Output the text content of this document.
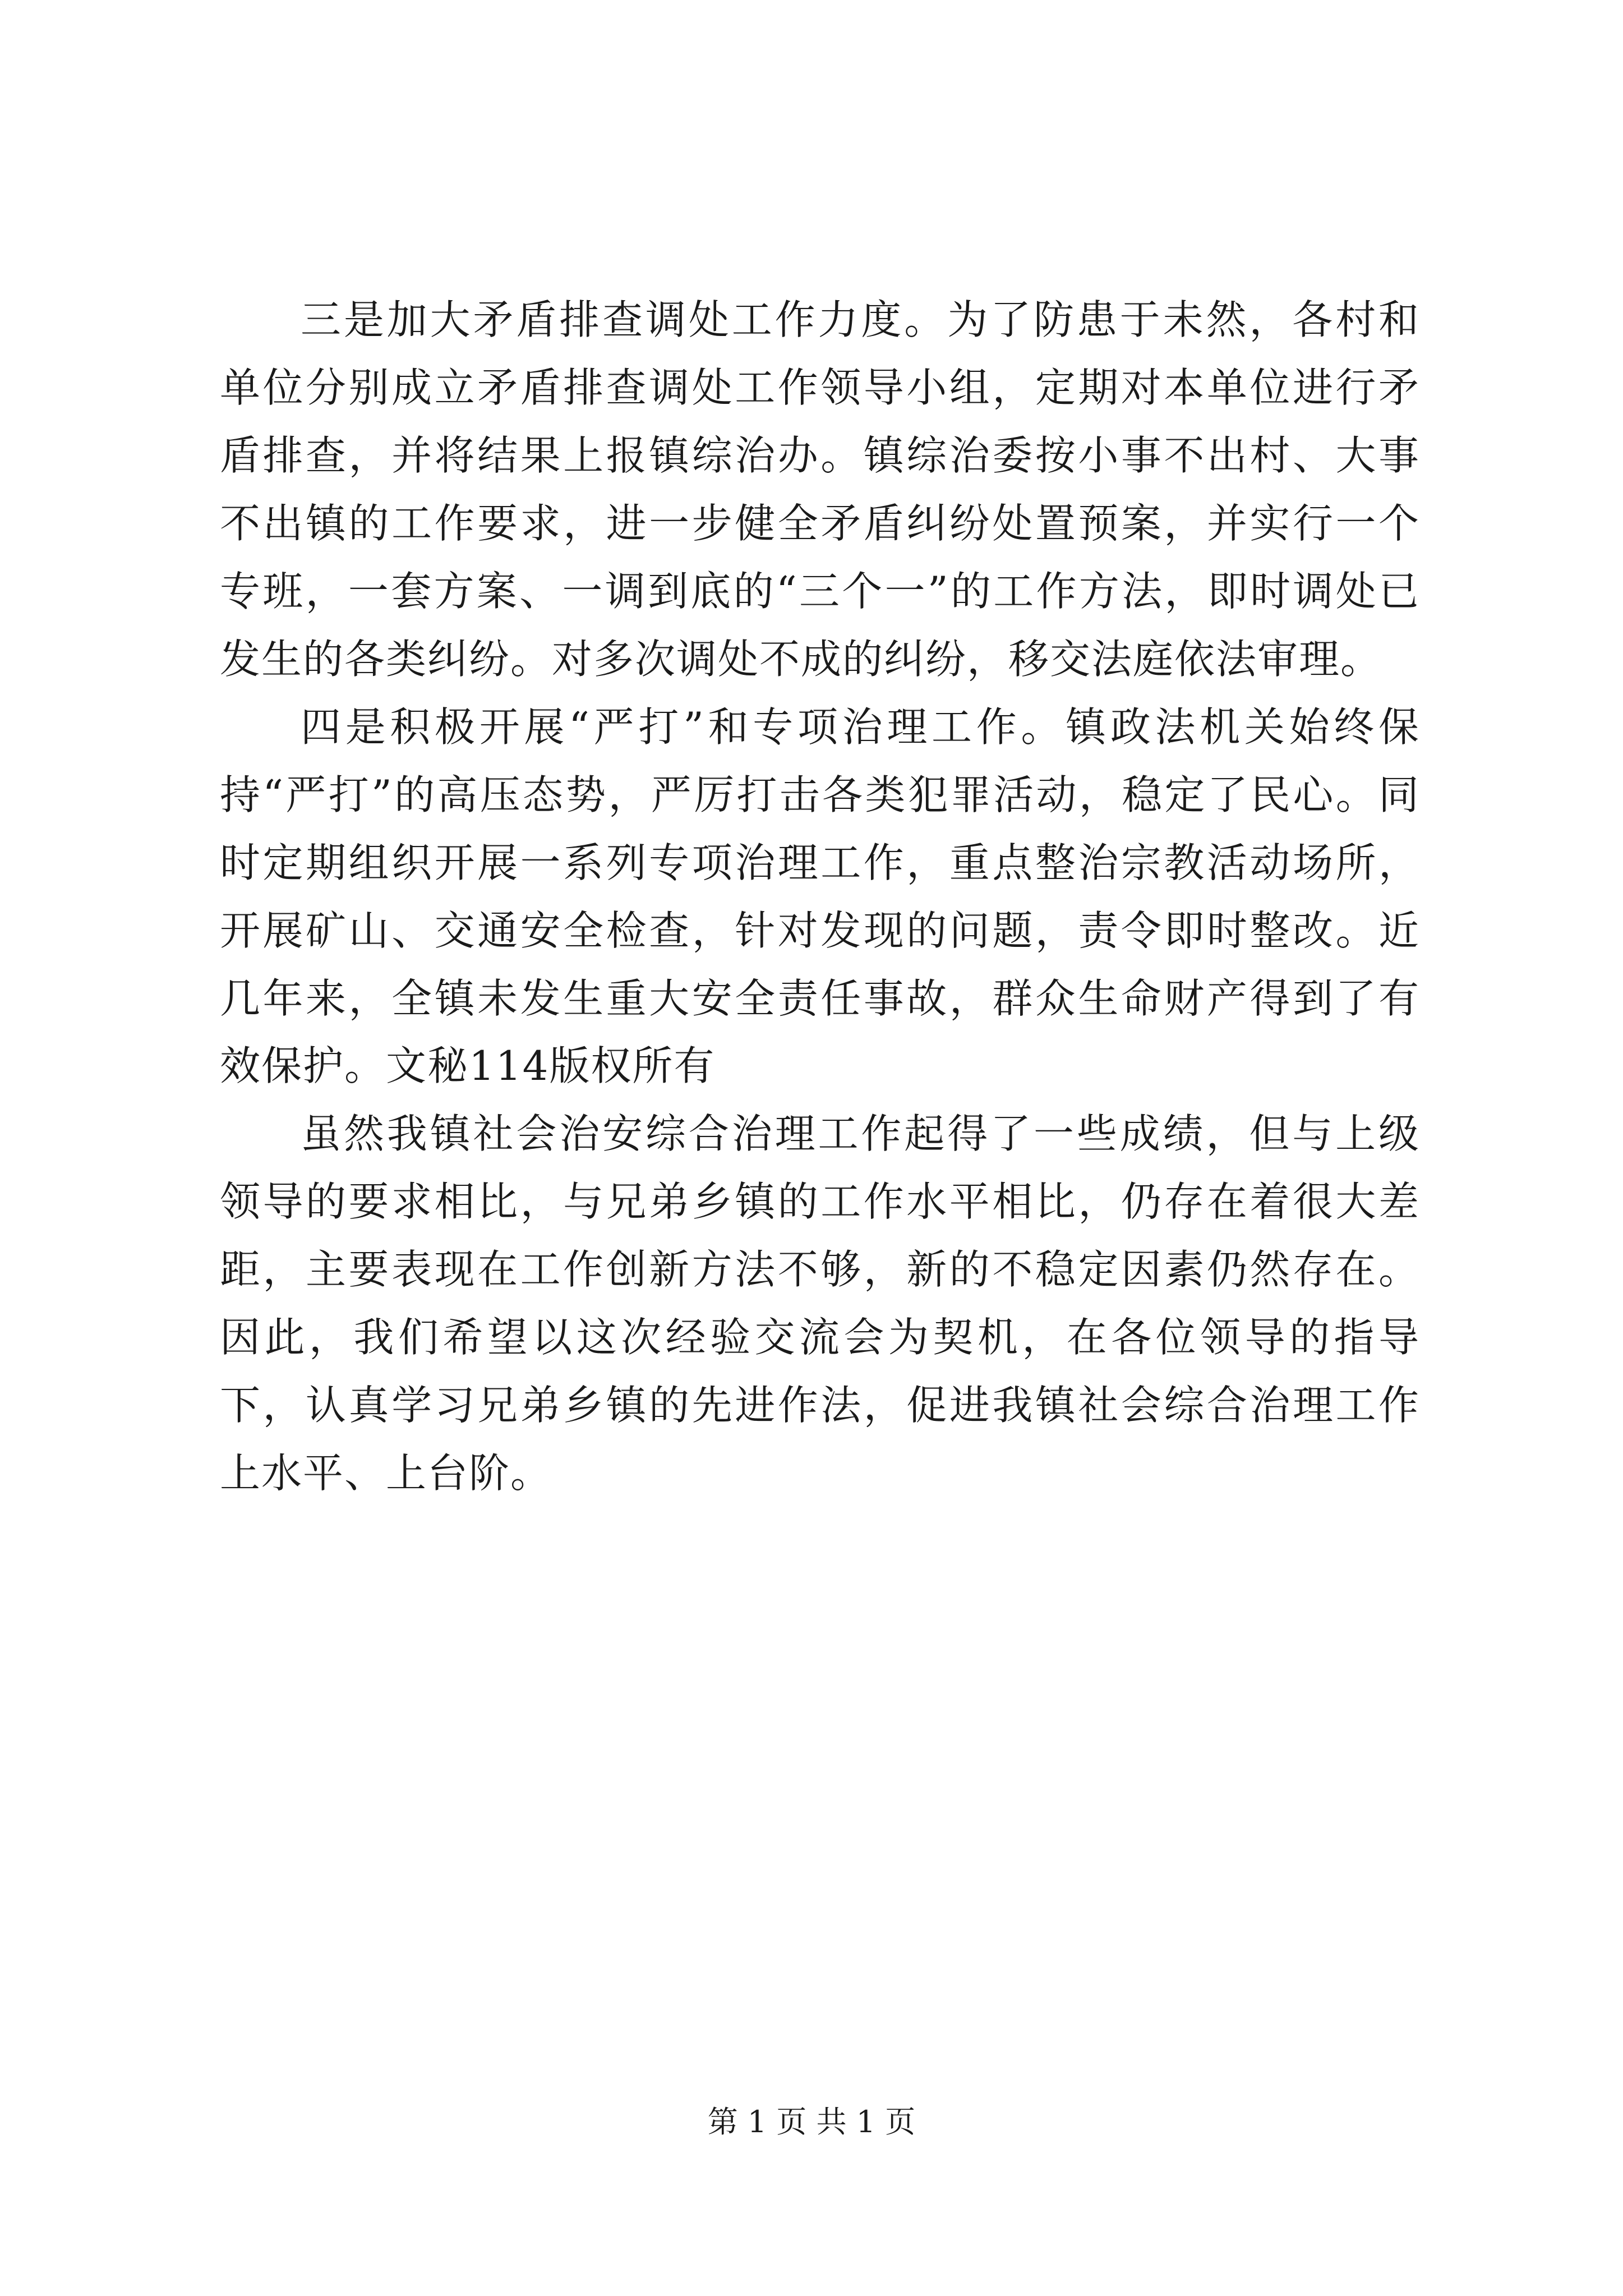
三是加大矛盾排查调处工作力度。为了防患于未然，各村和单位分别成立矛盾排查调处工作领导小组，定期对本单位进行矛盾排查，并将结果上报镇综治办。镇综治委按小事不出村、大事不出镇的工作要求，进一步健全矛盾纠纷处置预案，并实行一个专班，一套方案、一调到底的“三个一”的工作方法，即时调处已发生的各类纠纷。对多次调处不成的纠纷，移交法庭依法审理。

四是积极开展“严打”和专项治理工作。镇政法机关始终保持“严打”的高压态势，严厉打击各类犯罪活动，稳定了民心。同时定期组织开展一系列专项治理工作，重点整治宗教活动场所，开展矿山、交通安全检查，针对发现的问题，责令即时整改。近几年来，全镇未发生重大安全责任事故，群众生命财产得到了有效保护。文秘114版权所有

虽然我镇社会治安综合治理工作起得了一些成绩，但与上级领导的要求相比，与兄弟乡镇的工作水平相比，仍存在着很大差距，主要表现在工作创新方法不够，新的不稳定因素仍然存在。因此，我们希望以这次经验交流会为契机，在各位领导的指导下，认真学习兄弟乡镇的先进作法，促进我镇社会综合治理工作上水平、上台阶。

第 1 页 共 1 页
